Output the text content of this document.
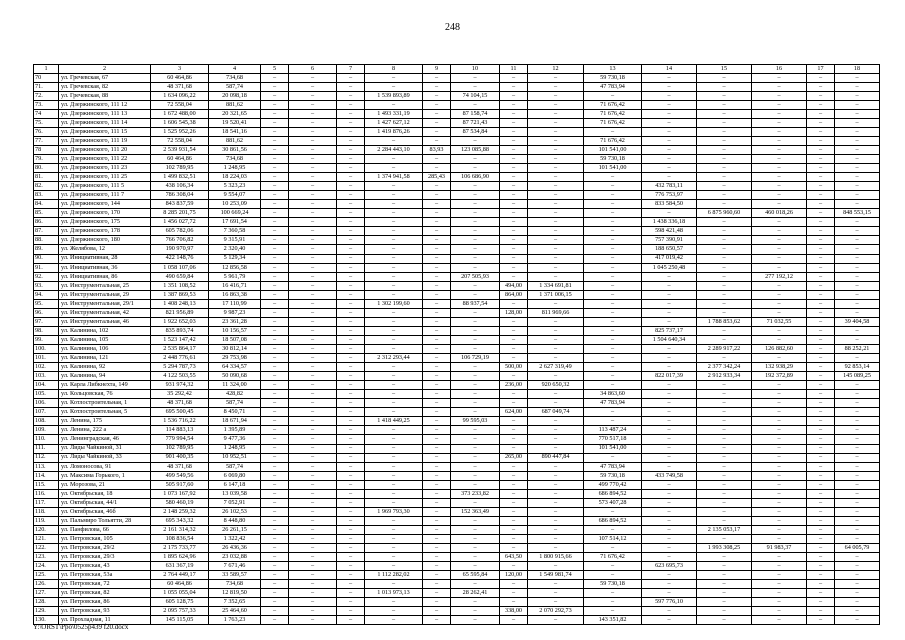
248
1	2	3	4	5	6	7	8	9	10	11	12	13	14	15	16	17	18
70	ул. Гречевская, 67	60 464,86	734,68	–	–	–	–	–	–	–	–	59 730,18	–	–	–	–	–
71.	ул. Гречевская, 82	48 371,68	587,74	–	–	–	–	–	–	–	–	47 783,94	–	–	–	–	–
72.	ул. Гречевская, 88	1 634 096,22	20 098,18	–	–	–	1 539 893,89	–	74 104,15	–	–	–	–	–	–	–	–
73.	ул. Дзержинского, 111 12	72 558,04	881,62	–	–	–	–	–	–	–	–	71 676,42	–	–	–	–	–
74	ул. Дзержинского, 111 13	1 672 488,00	20 321,65	–	–	–	1 493 331,19	–	87 158,74	–	–	71 676,42	–	–	–	–	–
75.	ул. Дзержинского, 111 14	1 606 545,38	19 520,41	–	–	–	1 427 627,12	–	87 721,43	–	–	71 676,42	–	–	–	–	–
76.	ул. Дзержинского, 111 15	1 525 952,26	18 541,16	–	–	–	1 419 876,26	–	87 534,84	–	–	–	–	–	–	–	–
77.	ул. Дзержинского, 111 19	72 558,04	881,62	–	–	–	–	–	–	–	–	71 676,42	–	–	–	–	–
78	ул. Дзержинского, 111 20	2 539 931,54	30 861,56	–	–	–	2 284 443,10	83,93	123 085,88	–	–	101 541,00	–	–	–	–	–
79.	ул. Дзержинского, 111 22	60 464,86	734,68	–	–	–	–	–	–	–	–	59 730,18	–	–	–	–	–
80.	ул. Дзержинского, 111 23	102 789,95	1 248,95	–	–	–	–	–	–	–	–	101 541,00	–	–	–	–	–
81.	ул. Дзержинского, 111 25	1 499 832,51	18 224,03	–	–	–	1 374 941,58	285,43	106 686,90	–	–	–	–	–	–	–	–
82.	ул. Дзержинского, 111 5	438 106,34	5 323,23	–	–	–	–	–	–	–	–	–	432 783,11	–	–	–	–
83.	ул. Дзержинского, 111 7	786 308,04	9 554,07	–	–	–	–	–	–	–	–	–	776 753,97	–	–	–	–
84.	ул. Дзержинского, 144	843 837,59	10 253,09	–	–	–	–	–	–	–	–	–	833 584,50	–	–	–	–
85.	ул. Дзержинского, 170	8 285 201,75	100 669,24	–	–	–	–	–	–	–	–	–	–	6 875 960,60	460 018,26	–	848 553,15
86.	ул. Дзержинского, 175	1 456 027,72	17 691,54	–	–	–	–	–	–	–	–	–	1 438 336,18	–	–	–	–
87.	ул. Дзержинского, 178	605 782,06	7 360,58	–	–	–	–	–	–	–	–	–	598 421,48	–	–	–	–
88.	ул. Дзержинского, 180	766 706,82	9 315,91	–	–	–	–	–	–	–	–	–	757 390,91	–	–	–	–
89.	ул. Желябова, 12	190 970,97	2 320,40	–	–	–	–	–	–	–	–	–	188 650,57	–	–	–	–
90.	ул. Инициативная, 28	422 148,76	5 129,34	–	–	–	–	–	–	–	–	–	417 019,42	–	–	–	–
91.	ул. Инициативная, 36	1 058 107,06	12 856,58	–	–	–	–	–	–	–	–	–	1 045 250,48	–	–	–	–
92.	ул. Инициативная, 86	490 659,84	5 961,79	–	–	–	–	–	207 505,93	–	–	–	–	–	277 192,12	–	–
93.	ул. Инструментальная, 25	1 351 108,52	16 416,71	–	–	–	–	–	–	494,00	1 334 691,81	–	–	–	–	–	–
94.	ул. Инструментальная, 29	1 387 869,53	16 863,38	–	–	–	–	–	–	864,00	1 371 006,15	–	–	–	–	–	–
95.	ул. Инструментальная, 29/1	1 408 248,13	17 110,99	–	–	–	1 302 199,60	–	88 937,54	–	–	–	–	–	–	–	–
96.	ул. Инструментальная, 42	821 956,89	9 987,23	–	–	–	–	–	–	128,00	811 969,66	–	–	–	–	–	–
97.	ул. Инструментальная, 46	1 922 652,03	23 361,28	–	–	–	–	–	–	–	–	–	–	1 788 853,62	71 032,55	–	39 404,58
98.	ул. Калинина, 102	835 893,74	10 156,57	–	–	–	–	–	–	–	–	–	825 737,17	–	–	–	–
99.	ул. Калинина, 105	1 523 147,42	18 507,08	–	–	–	–	–	–	–	–	–	1 504 640,34	–	–	–	–
100.	ул. Калинина, 106	2 535 864,17	30 812,14	–	–	–	–	–	–	–	–	–	–	2 289 917,22	126 882,60	–	88 252,21
101.	ул. Калинина, 121	2 448 776,61	29 753,98	–	–	–	2 312 293,44	–	106 729,19	–	–	–	–	–	–	–	–
102.	ул. Калинина, 92	5 294 787,73	64 334,57	–	–	–	–	–	–	500,00	2 627 319,49	–	–	2 377 342,24	132 938,29	–	92 853,14
103.	ул. Калинина, 94	4 122 503,55	50 090,68	–	–	–	–	–	–	–	–	–	822 017,39	2 912 933,34	192 372,89	–	145 089,25
104.	ул. Карла Либкнехта, 149	931 974,32	11 324,00	–	–	–	–	–	–	236,00	920 650,32	–	–	–	–	–	–
105.	ул. Кольцовская, 76	35 292,42	428,82	–	–	–	–	–	–	–	–	34 863,60	–	–	–	–	–
106.	ул. Котлостроительная, 1	48 371,68	587,74	–	–	–	–	–	–	–	–	47 783,94	–	–	–	–	–
107.	ул. Котлостроительная, 5	695 500,45	8 450,71	–	–	–	–	–	–	624,00	687 049,74	–	–	–	–	–	–
108.	ул. Ленина, 175	1 536 716,22	18 671,94	–	–	–	1 418 449,25	–	99 595,03	–	–	–	–	–	–	–	–
109.	ул. Ленина, 222 а	114 883,13	1 395,89	–	–	–	–	–	–	–	–	113 487,24	–	–	–	–	–
110.	ул. Ленинградская, 46	779 994,54	9 477,36	–	–	–	–	–	–	–	–	770 517,18	–	–	–	–	–
111.	ул. Лиды Чайкиной, 31	102 789,95	1 248,95	–	–	–	–	–	–	–	–	101 541,00	–	–	–	–	–
112.	ул. Лиды Чайкиной, 33	901 400,35	10 952,51	–	–	–	–	–	–	265,00	890 447,84	–	–	–	–	–	–
113.	ул. Ломоносова, 91	48 371,68	587,74	–	–	–	–	–	–	–	–	47 783,94	–	–	–	–	–
114.	ул. Максима Горького, 1	499 549,56	6 069,80	–	–	–	–	–	–	–	–	59 730,18	433 749,58	–	–	–	–
115.	ул. Морозова, 21	505 917,60	6 147,18	–	–	–	–	–	–	–	–	499 770,42	–	–	–	–	–
116.	ул. Октябрьская, 18	1 073 167,92	13 039,58	–	–	–	–	–	373 233,82	–	–	686 894,52	–	–	–	–	–
117.	ул. Октябрьская, 44/1	580 460,19	7 052,91	–	–	–	–	–	–	–	–	573 407,28	–	–	–	–	–
118.	ул. Октябрьская, 46б	2 148 259,32	26 102,53	–	–	–	1 969 793,30	–	152 363,49	–	–	–	–	–	–	–	–
119.	ул. Пальмиро Тольятти, 28	695 343,32	8 448,80	–	–	–	–	–	–	–	–	686 894,52	–	–	–	–	–
120.	ул. Панфилова, 66	2 161 314,32	26 261,15	–	–	–	–	–	–	–	–	–	–	2 135 053,17	–	–	–
121.	ул. Петровская, 105	108 836,54	1 322,42	–	–	–	–	–	–	–	–	107 514,12	–	–	–	–	–
122.	ул. Петровская, 29/2	2 175 733,77	26 436,36	–	–	–	–	–	–	–	–	–	–	1 993 308,25	91 983,37	–	64 005,79
123.	ул. Петровская, 29/3	1 895 624,96	23 032,88	–	–	–	–	–	–	643,50	1 800 915,66	71 676,42	–	–	–	–	–
124.	ул. Петровская, 43	631 367,19	7 671,46	–	–	–	–	–	–	–	–	–	623 695,73	–	–	–	–
125.	ул. Петровская, 53а	2 764 449,17	33 589,57	–	–	–	1 112 282,02	–	65 595,84	120,00	1 549 981,74	–	–	–	–	–	–
126.	ул. Петровская, 72	60 464,86	734,68	–	–	–	–	–	–	–	–	59 730,18	–	–	–	–	–
127.	ул. Петровская, 82	1 055 055,04	12 819,50	–	–	–	1 013 973,13	–	28 262,41	–	–	–	–	–	–	–	–
128.	ул. Петровская, 86	605 128,75	7 352,65	–	–	–	–	–	–	–	–	–	597 776,10	–	–	–	–
129.	ул. Петровская, 93	2 095 757,33	25 464,60	–	–	–	–	–	–	338,00	2 070 292,73	–	–	–	–	–	–
130.	ул. Прохладная, 11	145 115,05	1 763,23	–	–	–	–	–	–	–	–	143 351,82	–	–	–	–	–
Y:\ORST\Ppo\0525p439 f20.docx
